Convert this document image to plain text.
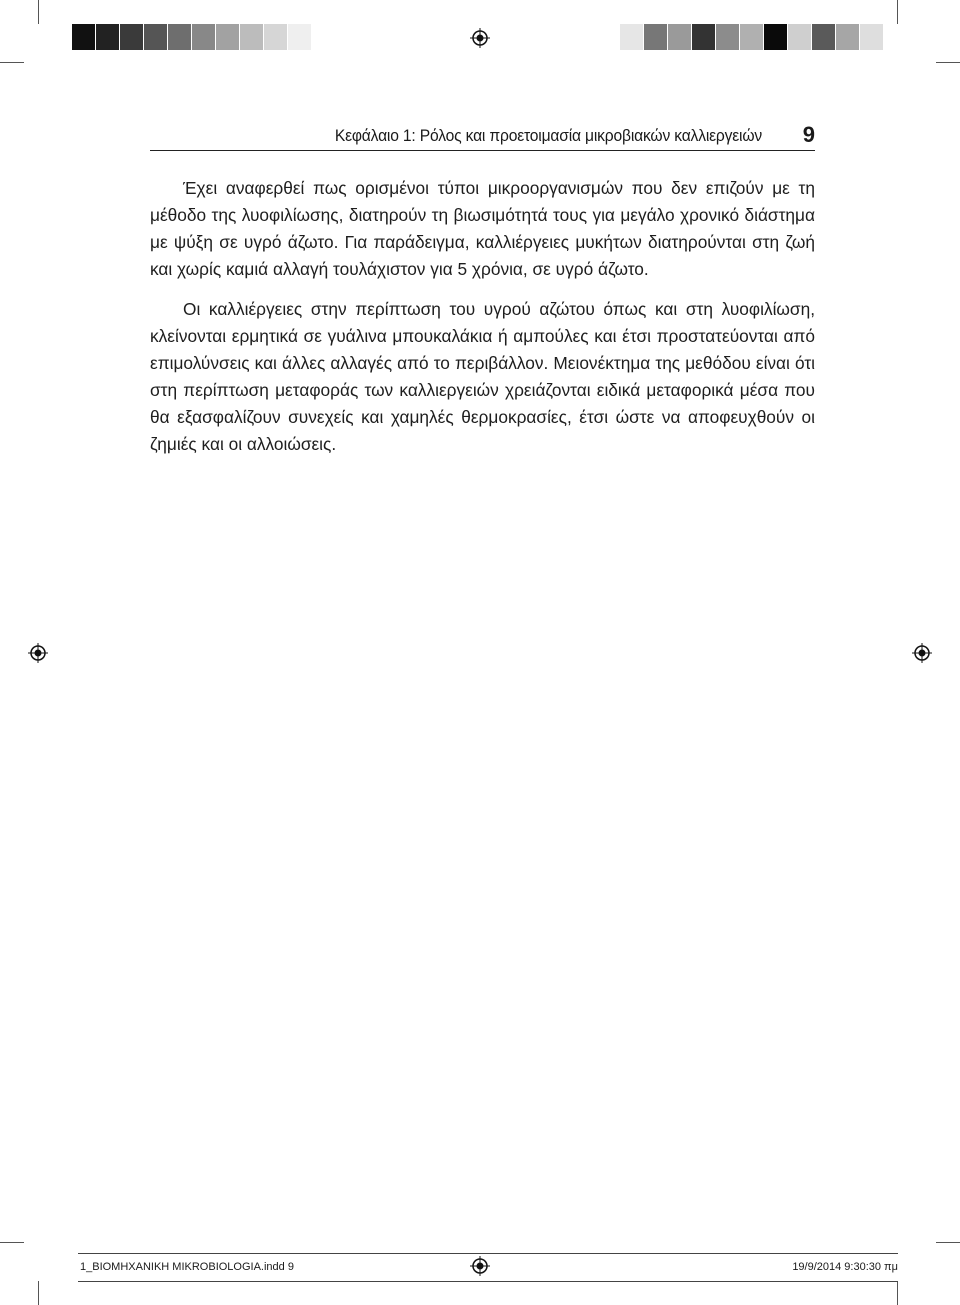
Κεφάλαιο 1: Ρόλος και προετοιμασία μικροβιακών καλλιεργειών 9

Έχει αναφερθεί πως ορισμένοι τύποι μικροοργανισμών που δεν επιζούν με τη μέθοδο της λυοφιλίωσης, διατηρούν τη βιωσιμότητά τους για μεγάλο χρονικό διάστημα με ψύξη σε υγρό άζωτο. Για παράδειγμα, καλλιέργειες μυκήτων διατηρούνται στη ζωή και χωρίς καμιά αλλαγή τουλάχιστον για 5 χρόνια, σε υγρό άζωτο.

Οι καλλιέργειες στην περίπτωση του υγρού αζώτου όπως και στη λυοφιλίωση, κλείνονται ερμητικά σε γυάλινα μπουκαλάκια ή αμπούλες και έτσι προστατεύονται από επιμολύνσεις και άλλες αλλαγές από το περιβάλλον. Μειονέκτημα της μεθόδου είναι ότι στη περίπτωση μεταφοράς των καλλιεργειών χρειάζονται ειδικά μεταφορικά μέσα που θα εξασφαλίζουν συνεχείς και χαμηλές θερμοκρασίες, έτσι ώστε να αποφευχθούν οι ζημιές και οι αλλοιώσεις.

1_BIOMHXANIKH MIKROBIOLOGIA.indd 9	19/9/2014 9:30:30 πμ
